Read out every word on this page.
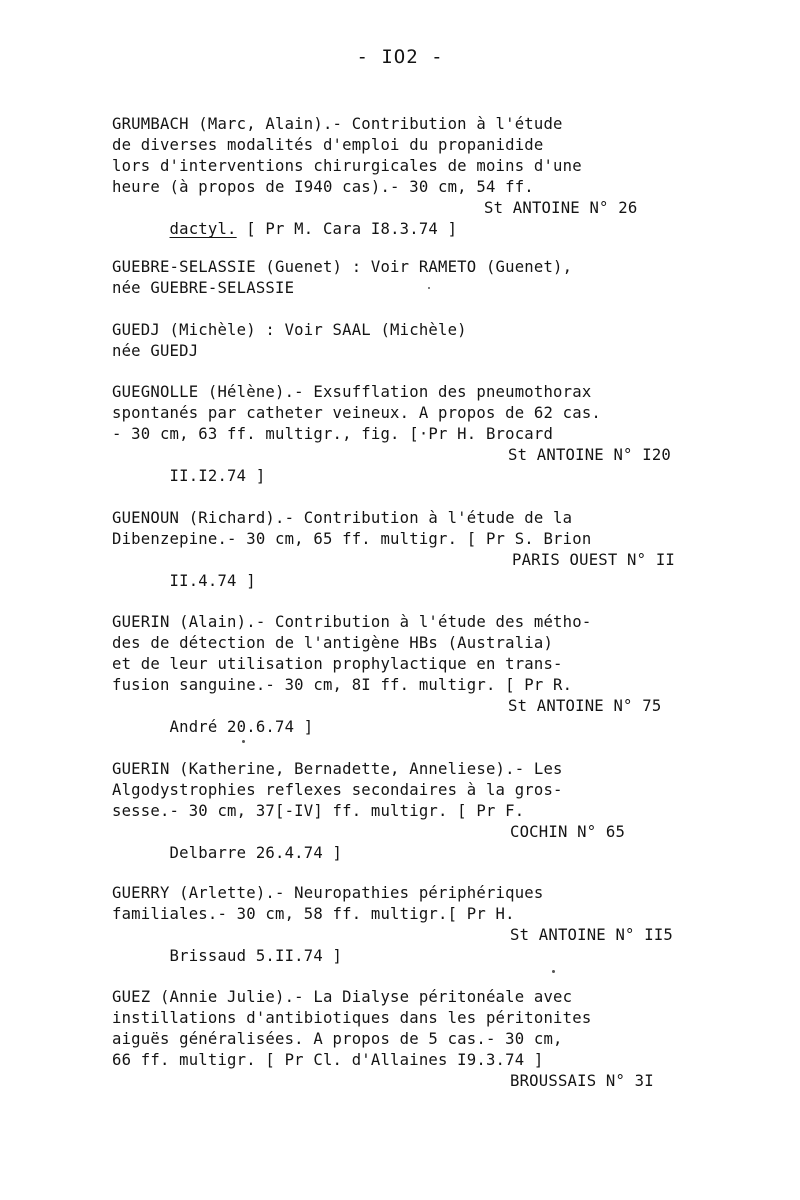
- IO2 -
GRUMBACH (Marc, Alain).- Contribution à l'étude
de diverses modalités d'emploi du propanidide
lors d'interventions chirurgicales de moins d'une
heure (à propos de I940 cas).- 30 cm, 54 ff.

dactyl. [ Pr M. Cara I8.3.74 ]

St ANTOINE N° 26

GUEBRE-SELASSIE (Guenet) : Voir RAMETO (Guenet),
née GUEBRE-SELASSIE
GUEDJ (Michèle) : Voir SAAL (Michèle)
née GUEDJ
GUEGNOLLE (Hélène).- Exsufflation des pneumothorax
spontanés par catheter veineux. A propos de 62 cas.
- 30 cm, 63 ff. multigr., fig. [·Pr H. Brocard

II.I2.74 ]

St ANTOINE N° I20

GUENOUN (Richard).- Contribution à l'étude de la
Dibenzepine.- 30 cm, 65 ff. multigr. [ Pr S. Brion

II.4.74 ]

PARIS OUEST N° II

GUERIN (Alain).- Contribution à l'étude des métho-
des de détection de l'antigène HBs (Australia)
et de leur utilisation prophylactique en trans-
fusion sanguine.- 30 cm, 8I ff. multigr. [ Pr R.

André 20.6.74 ]

St ANTOINE N° 75

GUERIN (Katherine, Bernadette, Anneliese).- Les
Algodystrophies reflexes secondaires à la gros-
sesse.- 30 cm, 37[-IV] ff. multigr. [ Pr F.

Delbarre 26.4.74 ]

COCHIN N° 65

GUERRY (Arlette).- Neuropathies périphériques
familiales.- 30 cm, 58 ff. multigr.[ Pr H.

Brissaud 5.II.74 ]

St ANTOINE N° II5

GUEZ (Annie Julie).- La Dialyse péritonéale avec
instillations d'antibiotiques dans les péritonites
aiguës généralisées. A propos de 5 cas.- 30 cm,
66 ff. multigr. [ Pr Cl. d'Allaines I9.3.74 ]

BROUSSAIS N° 3I
